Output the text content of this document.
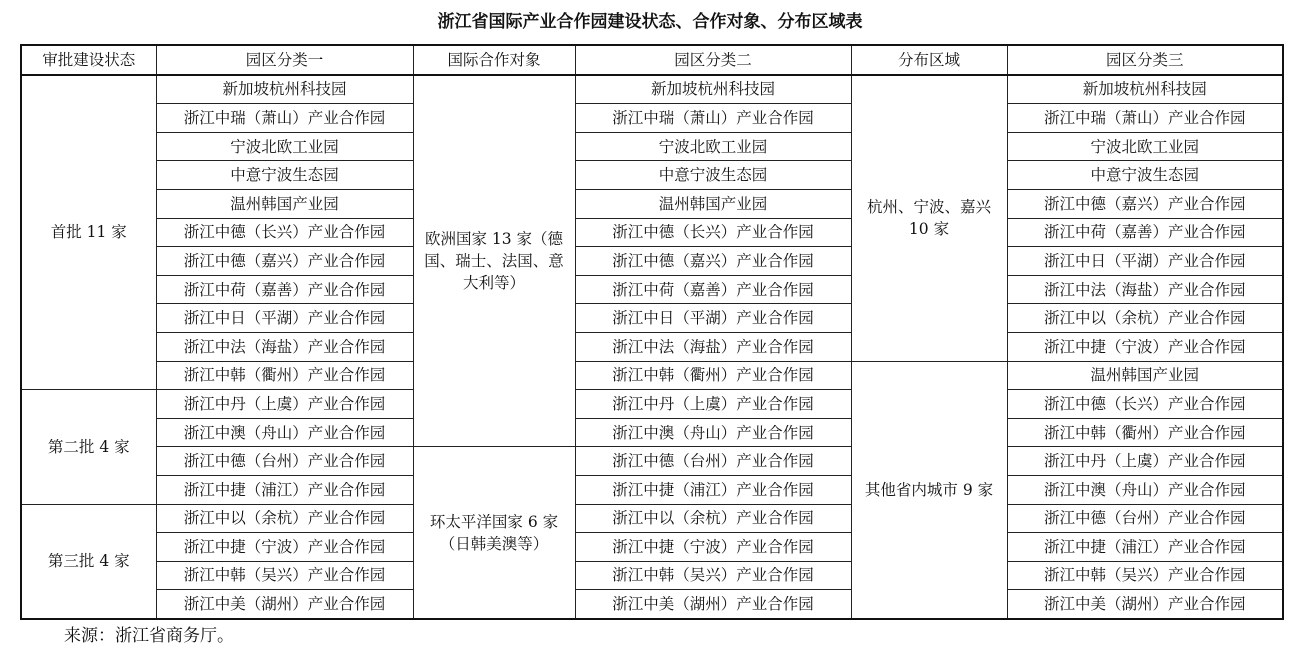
浙江省国际产业合作园建设状态、合作对象、分布区域表
审批建设状态	园区分类一	国际合作对象	园区分类二	分布区域	园区分类三
首批 11 家	新加坡杭州科技园	欧洲国家 13 家（德国、瑞士、法国、意大利等）	新加坡杭州科技园	杭州、宁波、嘉兴 10 家	新加坡杭州科技园
	浙江中瑞（萧山）产业合作园		浙江中瑞（萧山）产业合作园		浙江中瑞（萧山）产业合作园
	宁波北欧工业园		宁波北欧工业园		宁波北欧工业园
	中意宁波生态园		中意宁波生态园		中意宁波生态园
	温州韩国产业园		温州韩国产业园		浙江中德（嘉兴）产业合作园
	浙江中德（长兴）产业合作园		浙江中德（长兴）产业合作园		浙江中荷（嘉善）产业合作园
	浙江中德（嘉兴）产业合作园		浙江中德（嘉兴）产业合作园		浙江中日（平湖）产业合作园
	浙江中荷（嘉善）产业合作园		浙江中荷（嘉善）产业合作园		浙江中法（海盐）产业合作园
	浙江中日（平湖）产业合作园		浙江中日（平湖）产业合作园		浙江中以（余杭）产业合作园
	浙江中法（海盐）产业合作园		浙江中法（海盐）产业合作园		浙江中捷（宁波）产业合作园
	浙江中韩（衢州）产业合作园		浙江中韩（衢州）产业合作园	其他省内城市 9 家	温州韩国产业园
第二批 4 家	浙江中丹（上虞）产业合作园		浙江中丹（上虞）产业合作园		浙江中德（长兴）产业合作园
	浙江中澳（舟山）产业合作园		浙江中澳（舟山）产业合作园		浙江中韩（衢州）产业合作园
	浙江中德（台州）产业合作园	环太平洋国家 6 家（日韩美澳等）	浙江中德（台州）产业合作园		浙江中丹（上虞）产业合作园
	浙江中捷（浦江）产业合作园		浙江中捷（浦江）产业合作园		浙江中澳（舟山）产业合作园
第三批 4 家	浙江中以（余杭）产业合作园		浙江中以（余杭）产业合作园		浙江中德（台州）产业合作园
	浙江中捷（宁波）产业合作园		浙江中捷（宁波）产业合作园		浙江中捷（浦江）产业合作园
	浙江中韩（吴兴）产业合作园		浙江中韩（吴兴）产业合作园		浙江中韩（吴兴）产业合作园
	浙江中美（湖州）产业合作园		浙江中美（湖州）产业合作园		浙江中美（湖州）产业合作园
来源：浙江省商务厅。
